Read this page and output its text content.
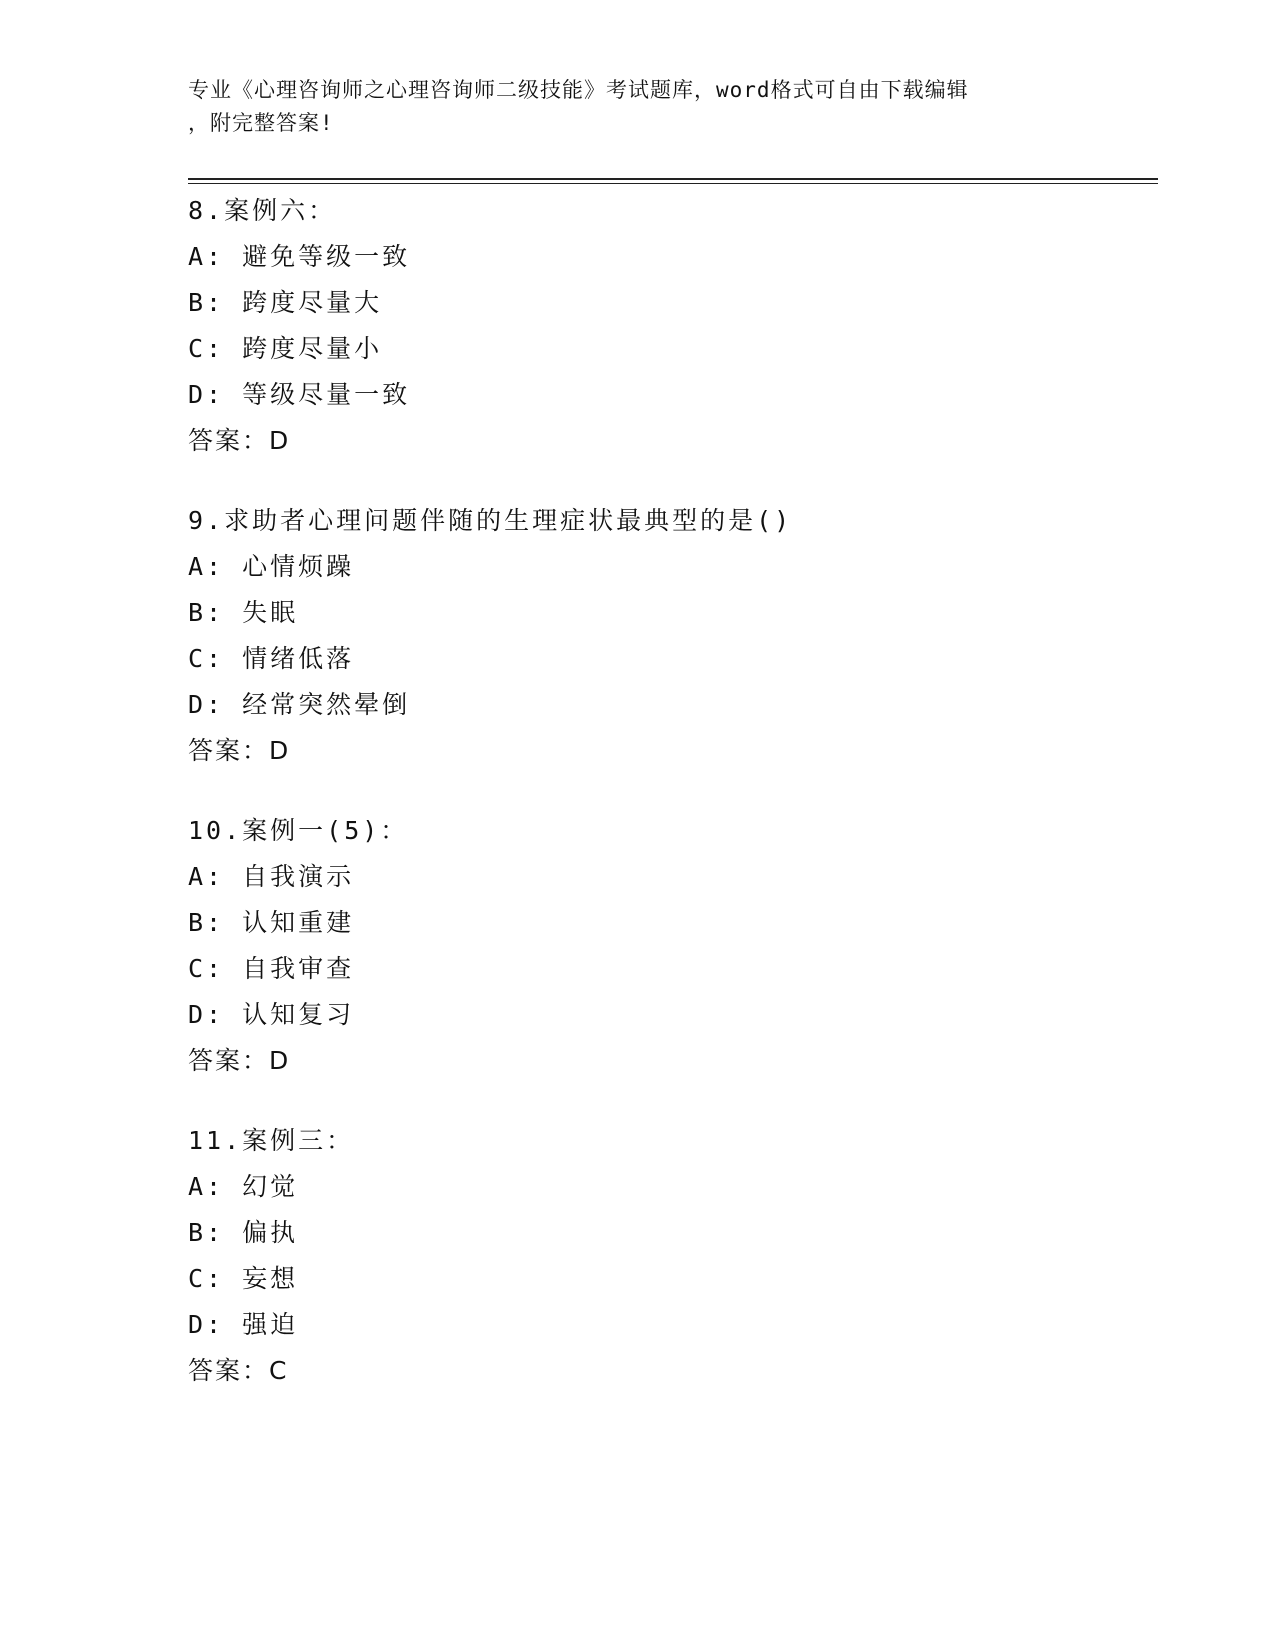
专业《心理咨询师之心理咨询师二级技能》考试题库，word格式可自由下载编辑
，附完整答案!
8.案例六：
A: 避免等级一致
B: 跨度尽量大
C: 跨度尽量小
D: 等级尽量一致
答案：D
9.求助者心理问题伴随的生理症状最典型的是()
A: 心情烦躁
B: 失眠
C: 情绪低落
D: 经常突然晕倒
答案：D
10.案例一(5)：
A: 自我演示
B: 认知重建
C: 自我审查
D: 认知复习
答案：D
11.案例三：
A: 幻觉
B: 偏执
C: 妄想
D: 强迫
答案：C
